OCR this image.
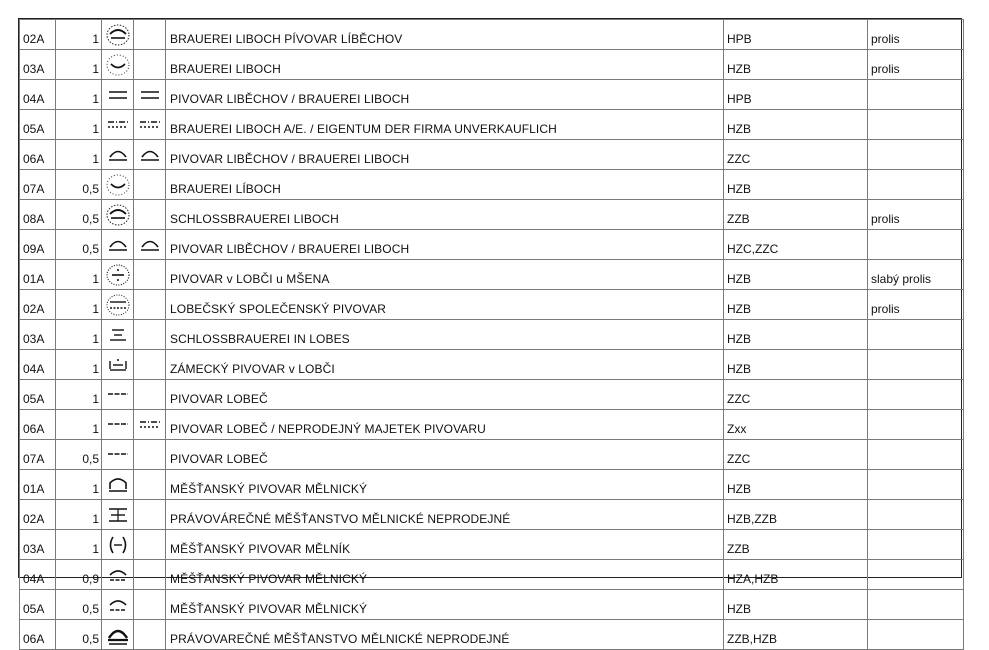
02A	1			BRAUEREI LIBOCH PÍVOVAR LÍBĚCHOV	HPB	prolis
03A	1			BRAUEREI LIBOCH	HZB	prolis
04A	1			PIVOVAR LIBĚCHOV / BRAUEREI LIBOCH	HPB	
05A	1			BRAUEREI LIBOCH A/E. / EIGENTUM DER FIRMA UNVERKAUFLICH	HZB	
06A	1			PIVOVAR LIBĚCHOV / BRAUEREI LIBOCH	ZZC	
07A	0,5			BRAUEREI LÍBOCH	HZB	
08A	0,5			SCHLOSSBRAUEREI LIBOCH	ZZB	prolis
09A	0,5			PIVOVAR LIBĚCHOV / BRAUEREI LIBOCH	HZC,ZZC	
01A	1			PIVOVAR v LOBČI u MŠENA	HZB	slabý prolis
02A	1			LOBEČSKÝ SPOLEČENSKÝ PIVOVAR	HZB	prolis
03A	1			SCHLOSSBRAUEREI IN LOBES	HZB	
04A	1			ZÁMECKÝ PIVOVAR v LOBČI	HZB	
05A	1			PIVOVAR LOBEČ	ZZC	
06A	1			PIVOVAR LOBEČ / NEPRODEJNÝ MAJETEK PIVOVARU	Zxx	
07A	0,5			PIVOVAR LOBEČ	ZZC	
01A	1			MĚŠŤANSKÝ PIVOVAR MĚLNICKÝ	HZB	
02A	1			PRÁVOVÁREČNÉ MĚŠŤANSTVO MĚLNICKÉ NEPRODEJNÉ	HZB,ZZB	
03A	1			MĚŠŤANSKÝ PIVOVAR MĚLNÍK	ZZB	
04A	0,9			MĚŠŤANSKÝ PIVOVAR MĚLNICKÝ	HZA,HZB	
05A	0,5			MĚŠŤANSKÝ PIVOVAR MĚLNICKÝ	HZB	
06A	0,5			PRÁVOVAREČNÉ MĚŠŤANSTVO MĚLNICKÉ NEPRODEJNÉ	ZZB,HZB	
